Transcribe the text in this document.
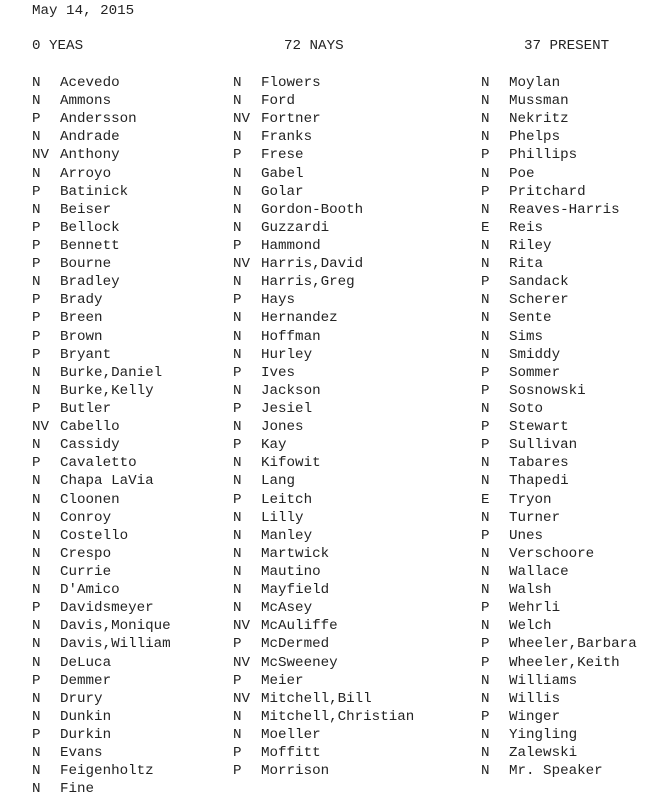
May 14, 2015
0 YEAS	72 NAYS	37 PRESENT
N Acevedo
N Ammons
P Andersson
N Andrade
NV Anthony
N Arroyo
P Batinick
N Beiser
P Bellock
P Bennett
P Bourne
N Bradley
P Brady
P Breen
P Brown
P Bryant
N Burke,Daniel
N Burke,Kelly
P Butler
NV Cabello
N Cassidy
P Cavaletto
N Chapa LaVia
N Cloonen
N Conroy
N Costello
N Crespo
N Currie
N D'Amico
P Davidsmeyer
N Davis,Monique
N Davis,William
N DeLuca
P Demmer
N Drury
N Dunkin
P Durkin
N Evans
N Feigenholtz
N Fine
N Flowers
N Ford
NV Fortner
N Franks
P Frese
N Gabel
N Golar
N Gordon-Booth
N Guzzardi
P Hammond
NV Harris,David
N Harris,Greg
P Hays
N Hernandez
N Hoffman
N Hurley
P Ives
N Jackson
P Jesiel
N Jones
P Kay
N Kifowit
N Lang
P Leitch
N Lilly
N Manley
N Martwick
N Mautino
N Mayfield
N McAsey
NV McAuliffe
P McDermed
NV McSweeney
P Meier
NV Mitchell,Bill
N Mitchell,Christian
N Moeller
P Moffitt
P Morrison
N Moylan
N Mussman
N Nekritz
N Phelps
P Phillips
N Poe
P Pritchard
N Reaves-Harris
E Reis
N Riley
N Rita
P Sandack
N Scherer
N Sente
N Sims
N Smiddy
P Sommer
P Sosnowski
N Soto
P Stewart
P Sullivan
N Tabares
N Thapedi
E Tryon
N Turner
P Unes
N Verschoore
N Wallace
N Walsh
P Wehrli
N Welch
P Wheeler,Barbara
P Wheeler,Keith
N Williams
N Willis
P Winger
N Yingling
N Zalewski
N Mr. Speaker
